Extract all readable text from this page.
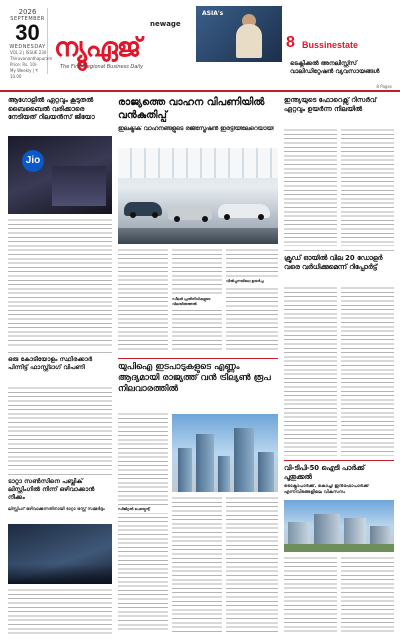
2026
SEPTEMBER
30
WEDNESDAY
VOL 2 | ISSUE 230
Thiruvananthapuram
Price: Rs. 10/-
My Weekly | ₹ 10.00
newage
ന്യൂഏജ്
The First Regional Business Daily
ASIA's
8 Bussinestate
ടെക്നിക്കൽ അനലിസ്റ്റ്സ് വാലിഡിറ്റേഷൻ വ്യവസായങ്ങൾ
8 Pages
ആഗോളിൽ ഏറ്റവും കൂടുതൽ ബൈബൈൽ വരിക്കാരെ നേടിയത് റിലയൻസ് ജിയോ
Jio
ഒരു കോടിയോളം സ്ഥിരക്കാർ പിന്നിട്ട് ഫാസ്റ്റ്ടാഗ് വിപണി
ടാറ്റാ സൺസിനെ പബ്ലിക് ലിസ്റ്റിംഗിൽ നിന്ന് ഒഴിവാക്കാൻ നീക്കം
ലിസ്റ്റിംഗ് ഒഴിവാക്കുന്നതിനായി ടാറ്റാ ട്രസ്റ്റ് സമ്മർദ്ദം
രാജ്യത്തെ വാഹന വിപണിയിൽ വൻകുതിപ്പ്
ഇലക്ട്രിക് വാഹനങ്ങളുടെ രജിസ്ട്രേഷൻ ഇരട്ടിയിലേറെയായി
ഡീലർ പ്രതിനിധികളുടെ വിലയിരുത്തൽ
വിൽപ്പനയിലെ ഉയർച്ച
യുപിഐ ഇടപാടുകളുടെ എണ്ണം ആദ്യമായി രാജ്യത്ത് വൻ ട്രില്യൺ രൂപ നിലവാരത്തിൽ
ഡിജിറ്റൽ പേയ്മെന്റ്
ഇന്ത്യയുടെ ഫോറെക്സ് റിസർവ് ഏറ്റവും ഉയർന്ന നിലയിൽ
ക്രൂഡ് ഓയിൽ വില 20 ഡോളർ വരെ വർധിക്കുമെന്ന് റിപ്പോർട്ട്
വി-ടിപി-50 ഐടി പാർക്ക് പുതുക്കൽ
ടെക്നോപാർക്ക്, കൊച്ചി ഇൻഫോപാർക്ക് എന്നിവിടങ്ങളിലെ വികസനം
